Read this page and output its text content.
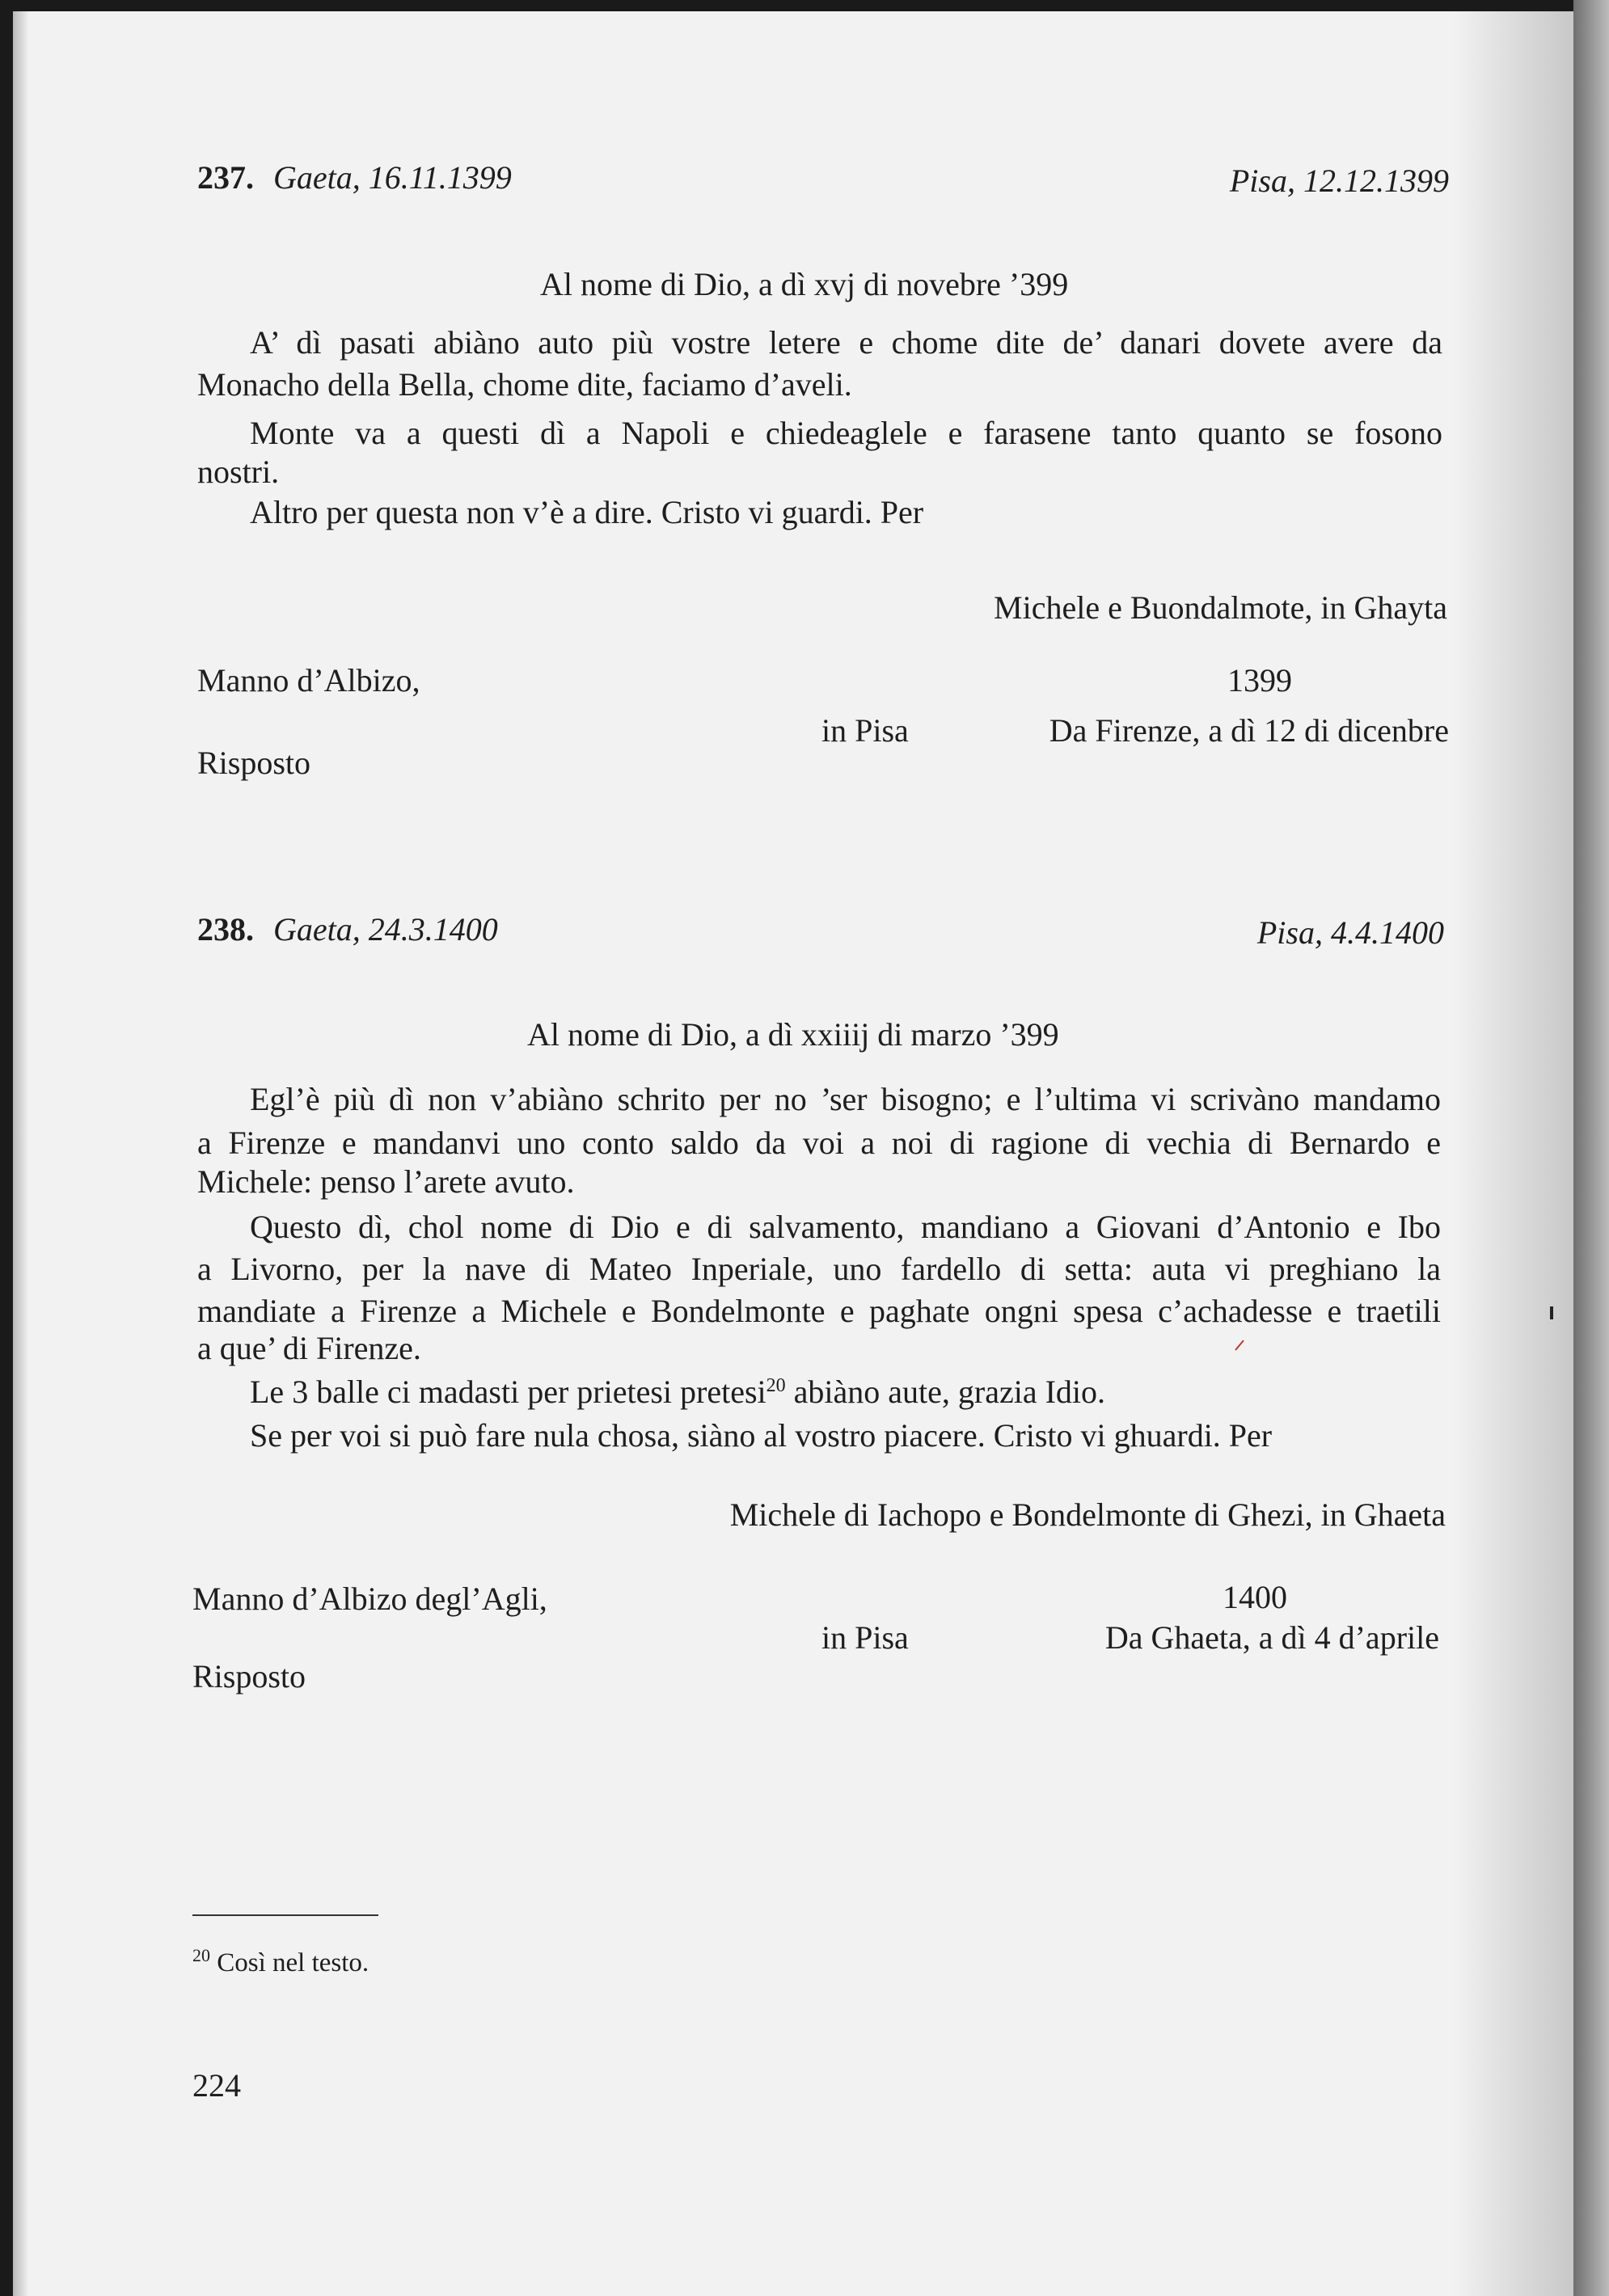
237. Gaeta, 16.11.1399	Pisa, 12.12.1399
Al nome di Dio, a dì xvj di novebre ’399
A’ dì pasati abiàno auto più vostre letere e chome dite de’ danari dovete avere da
Monacho della Bella, chome dite, faciamo d’aveli.
Monte va a questi dì a Napoli e chiedeaglele e farasene tanto quanto se fosono
nostri.
Altro per questa non v’è a dire. Cristo vi guardi. Per
Michele e Buondalmote, in Ghayta
Manno d’Albizo,	1399
in Pisa	Da Firenze, a dì 12 di dicenbre
Risposto
238. Gaeta, 24.3.1400	Pisa, 4.4.1400
Al nome di Dio, a dì xxiiij di marzo ’399
Egl’è più dì non v’abiàno schrito per no ’ser bisogno; e l’ultima vi scrivàno mandamo
a Firenze e mandanvi uno conto saldo da voi a noi di ragione di vechia di Bernardo e
Michele: penso l’arete avuto.
Questo dì, chol nome di Dio e di salvamento, mandiano a Giovani d’Antonio e Ibo
a Livorno, per la nave di Mateo Inperiale, uno fardello di setta: auta vi preghiano la
mandiate a Firenze a Michele e Bondelmonte e paghate ongni spesa c’achadesse e traetili
a que’ di Firenze.
Le 3 balle ci madasti per prietesi pretesi$^{20}$ abiàno aute, grazia Idio.
Se per voi si può fare nula chosa, siàno al vostro piacere. Cristo vi ghuardi. Per
Michele di Iachopo e Bondelmonte di Ghezi, in Ghaeta
Manno d’Albizo degl’Agli,	1400
in Pisa	Da Ghaeta, a dì 4 d’aprile
Risposto
$^{20}$ Così nel testo.
224
